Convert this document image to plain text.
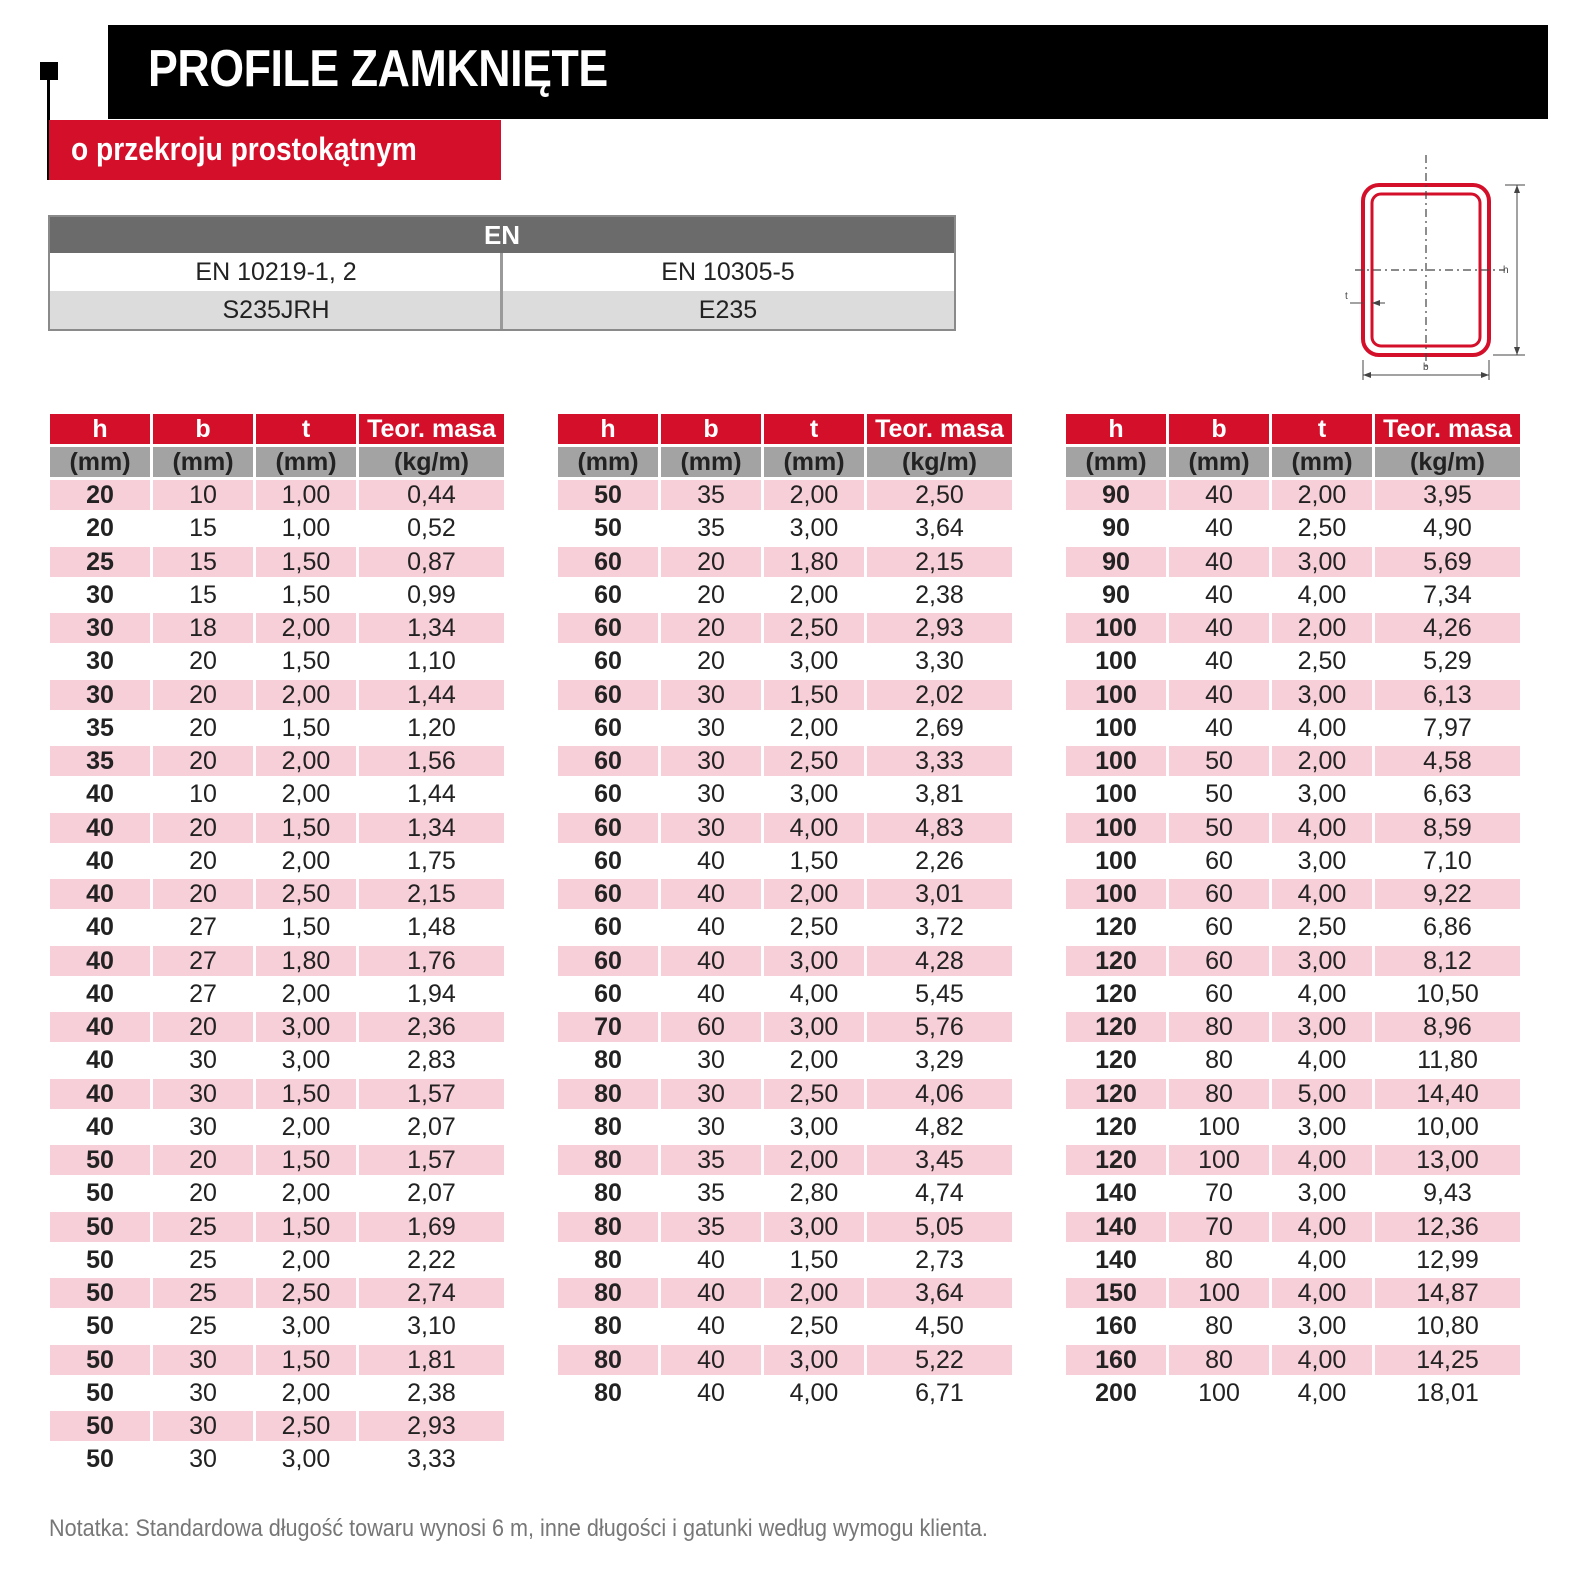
PROFILE ZAMKNIĘTE
o przekroju prostokątnym
EN
EN 10219-1, 2	EN 10305-5
S235JRH	E235
h
b
t
h	b	t	Teor. masa
(mm)	(mm)	(mm)	(kg/m)
20	10	1,00	0,44
20	15	1,00	0,52
25	15	1,50	0,87
30	15	1,50	0,99
30	18	2,00	1,34
30	20	1,50	1,10
30	20	2,00	1,44
35	20	1,50	1,20
35	20	2,00	1,56
40	10	2,00	1,44
40	20	1,50	1,34
40	20	2,00	1,75
40	20	2,50	2,15
40	27	1,50	1,48
40	27	1,80	1,76
40	27	2,00	1,94
40	20	3,00	2,36
40	30	3,00	2,83
40	30	1,50	1,57
40	30	2,00	2,07
50	20	1,50	1,57
50	20	2,00	2,07
50	25	1,50	1,69
50	25	2,00	2,22
50	25	2,50	2,74
50	25	3,00	3,10
50	30	1,50	1,81
50	30	2,00	2,38
50	30	2,50	2,93
50	30	3,00	3,33
h	b	t	Teor. masa
(mm)	(mm)	(mm)	(kg/m)
50	35	2,00	2,50
50	35	3,00	3,64
60	20	1,80	2,15
60	20	2,00	2,38
60	20	2,50	2,93
60	20	3,00	3,30
60	30	1,50	2,02
60	30	2,00	2,69
60	30	2,50	3,33
60	30	3,00	3,81
60	30	4,00	4,83
60	40	1,50	2,26
60	40	2,00	3,01
60	40	2,50	3,72
60	40	3,00	4,28
60	40	4,00	5,45
70	60	3,00	5,76
80	30	2,00	3,29
80	30	2,50	4,06
80	30	3,00	4,82
80	35	2,00	3,45
80	35	2,80	4,74
80	35	3,00	5,05
80	40	1,50	2,73
80	40	2,00	3,64
80	40	2,50	4,50
80	40	3,00	5,22
80	40	4,00	6,71
h	b	t	Teor. masa
(mm)	(mm)	(mm)	(kg/m)
90	40	2,00	3,95
90	40	2,50	4,90
90	40	3,00	5,69
90	40	4,00	7,34
100	40	2,00	4,26
100	40	2,50	5,29
100	40	3,00	6,13
100	40	4,00	7,97
100	50	2,00	4,58
100	50	3,00	6,63
100	50	4,00	8,59
100	60	3,00	7,10
100	60	4,00	9,22
120	60	2,50	6,86
120	60	3,00	8,12
120	60	4,00	10,50
120	80	3,00	8,96
120	80	4,00	11,80
120	80	5,00	14,40
120	100	3,00	10,00
120	100	4,00	13,00
140	70	3,00	9,43
140	70	4,00	12,36
140	80	4,00	12,99
150	100	4,00	14,87
160	80	3,00	10,80
160	80	4,00	14,25
200	100	4,00	18,01
Notatka: Standardowa długość towaru wynosi 6 m, inne długości i gatunki według wymogu klienta.
